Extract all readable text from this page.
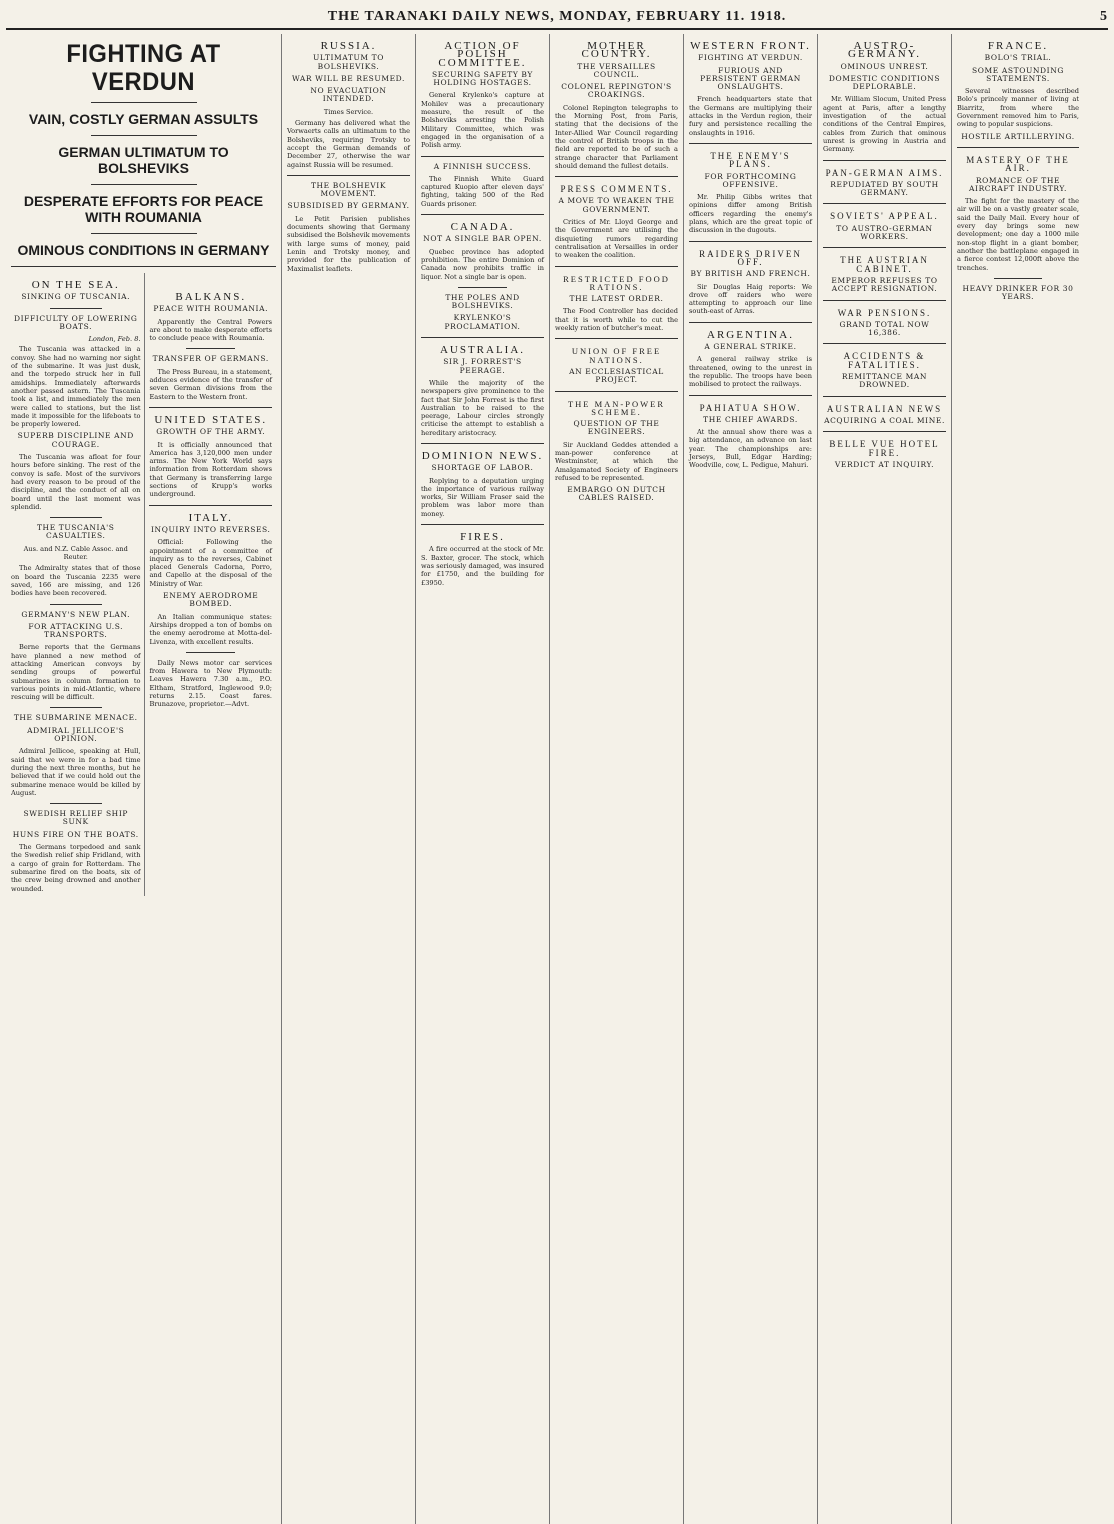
THE TARANAKI DAILY NEWS, MONDAY, FEBRUARY 11. 1918.	5
FIGHTING AT VERDUN
VAIN, COSTLY GERMAN ASSULTS
GERMAN ULTIMATUM TO BOLSHEVIKS
DESPERATE EFFORTS FOR PEACE WITH ROUMANIA
OMINOUS CONDITIONS IN GERMANY
ON THE SEA.
SINKING OF TUSCANIA.
DIFFICULTY OF LOWERING BOATS.
London, Feb. 8.

The Tuscania was attacked in a convoy. She had no warning nor sight of the submarine. It was just dusk, and the torpedo struck her in full amidships. Immediately afterwards another passed astern. The Tuscania took a list, and immediately the men were called to stations, but the list made it impossible for the lifeboats to be properly lowered.

SUPERB DISCIPLINE AND COURAGE.

The Tuscania was afloat for four hours before sinking. The rest of the convoy is safe. Most of the survivors had every reason to be proud of the discipline, and the conduct of all on board until the last moment was splendid.

THE TUSCANIA'S CASUALTIES.
Aus. and N.Z. Cable Assoc. and Reuter.

The Admiralty states that of those on board the Tuscania 2235 were saved, 166 are missing, and 126 bodies have been recovered.

GERMANY'S NEW PLAN.
FOR ATTACKING U.S. TRANSPORTS.

Berne reports that the Germans have planned a new method of attacking American convoys by sending groups of powerful submarines in column formation to various points in mid-Atlantic, where rescuing will be difficult.

THE SUBMARINE MENACE.
ADMIRAL JELLICOE'S OPINION.

Admiral Jellicoe, speaking at Hull, said that we were in for a bad time during the next three months, but he believed that if we could hold out the submarine menace would be killed by August.

SWEDISH RELIEF SHIP SUNK
HUNS FIRE ON THE BOATS.

The Germans torpedoed and sank the Swedish relief ship Fridland, with a cargo of grain for Rotterdam. The submarine fired on the boats, six of the crew being drowned and another wounded.

BALKANS.
PEACE WITH ROUMANIA.

Apparently the Central Powers are about to make desperate efforts to conclude peace with Roumania.

TRANSFER OF GERMANS.

The Press Bureau, in a statement, adduces evidence of the transfer of seven German divisions from the Eastern to the Western front.

UNITED STATES.
GROWTH OF THE ARMY.

It is officially announced that America has 3,120,000 men under arms. The New York World says information from Rotterdam shows that Germany is transferring large sections of Krupp's works underground.

ITALY.
INQUIRY INTO REVERSES.

Official: Following the appointment of a committee of inquiry as to the reverses, Cabinet placed Generals Cadorna, Porro, and Capello at the disposal of the Ministry of War.

ENEMY AERODROME BOMBED.

An Italian communique states: Airships dropped a ton of bombs on the enemy aerodrome at Motta-del-Livenza, with excellent results.

Daily News motor car services from Hawera to New Plymouth: Leaves Hawera 7.30 a.m., P.O. Eltham, Stratford, Inglewood 9.0; returns 2.15. Coast fares. Brunazove, proprietor.—Advt.

RUSSIA.
ULTIMATUM TO BOLSHEVIKS.
WAR WILL BE RESUMED.
NO EVACUATION INTENDED.
Times Service.

Germany has delivered what the Vorwaerts calls an ultimatum to the Bolsheviks, requiring Trotsky to accept the German demands of December 27, otherwise the war against Russia will be resumed.

THE BOLSHEVIK MOVEMENT.
SUBSIDISED BY GERMANY.

Le Petit Parisien publishes documents showing that Germany subsidised the Bolshevik movements with large sums of money, paid Lenin and Trotsky money, and provided for the publication of Maximalist leaflets.

ACTION OF POLISH COMMITTEE.
SECURING SAFETY BY HOLDING HOSTAGES.

General Krylenko's capture at Mohilev was a precautionary measure, the result of the Bolsheviks arresting the Polish Military Committee, which was engaged in the organisation of a Polish army.

A FINNISH SUCCESS.

The Finnish White Guard captured Kuopio after eleven days' fighting, taking 500 of the Red Guards prisoner.

CANADA.
NOT A SINGLE BAR OPEN.

Quebec province has adopted prohibition. The entire Dominion of Canada now prohibits traffic in liquor. Not a single bar is open.

THE POLES AND BOLSHEVIKS.
KRYLENKO'S PROCLAMATION.
AUSTRALIA.
SIR J. FORREST'S PEERAGE.

While the majority of the newspapers give prominence to the fact that Sir John Forrest is the first Australian to be raised to the peerage, Labour circles strongly criticise the attempt to establish a hereditary aristocracy.

DOMINION NEWS.
SHORTAGE OF LABOR.

Replying to a deputation urging the importance of various railway works, Sir William Fraser said the problem was labor more than money.

FIRES.

A fire occurred at the stock of Mr. S. Baxter, grocer. The stock, which was seriously damaged, was insured for £1750, and the building for £3950.

MOTHER COUNTRY.
THE VERSAILLES COUNCIL.
COLONEL REPINGTON'S CROAKINGS.

Colonel Repington telegraphs to the Morning Post, from Paris, stating that the decisions of the Inter-Allied War Council regarding the control of British troops in the field are reported to be of such a strange character that Parliament should demand the fullest details.

PRESS COMMENTS.
A MOVE TO WEAKEN THE GOVERNMENT.

Critics of Mr. Lloyd George and the Government are utilising the disquieting rumors regarding centralisation at Versailles in order to weaken the coalition.

RESTRICTED FOOD RATIONS.
THE LATEST ORDER.

The Food Controller has decided that it is worth while to cut the weekly ration of butcher's meat.

UNION OF FREE NATIONS.
AN ECCLESIASTICAL PROJECT.
THE MAN-POWER SCHEME.
QUESTION OF THE ENGINEERS.

Sir Auckland Geddes attended a man-power conference at Westminster, at which the Amalgamated Society of Engineers refused to be represented.

EMBARGO ON DUTCH CABLES RAISED.
WESTERN FRONT.
FIGHTING AT VERDUN.
FURIOUS AND PERSISTENT GERMAN ONSLAUGHTS.

French headquarters state that the Germans are multiplying their attacks in the Verdun region, their fury and persistence recalling the onslaughts in 1916.

THE ENEMY'S PLANS.
FOR FORTHCOMING OFFENSIVE.

Mr. Philip Gibbs writes that opinions differ among British officers regarding the enemy's plans, which are the great topic of discussion in the dugouts.

RAIDERS DRIVEN OFF.
BY BRITISH AND FRENCH.

Sir Douglas Haig reports: We drove off raiders who were attempting to approach our line south-east of Arras.

ARGENTINA.
A GENERAL STRIKE.

A general railway strike is threatened, owing to the unrest in the republic. The troops have been mobilised to protect the railways.

PAHIATUA SHOW.
THE CHIEF AWARDS.

At the annual show there was a big attendance, an advance on last year. The championships are: Jerseys, Bull, Edgar Harding; Woodville, cow, L. Pedigue, Mahuri.

AUSTRO-GERMANY.
OMINOUS UNREST.
DOMESTIC CONDITIONS DEPLORABLE.

Mr. William Slocum, United Press agent at Paris, after a lengthy investigation of the actual conditions of the Central Empires, cables from Zurich that ominous unrest is growing in Austria and Germany.

PAN-GERMAN AIMS.
REPUDIATED BY SOUTH GERMANY.
SOVIETS' APPEAL.
TO AUSTRO-GERMAN WORKERS.
THE AUSTRIAN CABINET.
EMPEROR REFUSES TO ACCEPT RESIGNATION.
WAR PENSIONS.
GRAND TOTAL NOW 16,386.
ACCIDENTS & FATALITIES.
REMITTANCE MAN DROWNED.
AUSTRALIAN NEWS
ACQUIRING A COAL MINE.
BELLE VUE HOTEL FIRE.
VERDICT AT INQUIRY.
FRANCE.
BOLO'S TRIAL.
SOME ASTOUNDING STATEMENTS.

Several witnesses described Bolo's princely manner of living at Biarritz, from where the Government removed him to Paris, owing to popular suspicions.

HOSTILE ARTILLERYING.
MASTERY OF THE AIR.
ROMANCE OF THE AIRCRAFT INDUSTRY.

The fight for the mastery of the air will be on a vastly greater scale, said the Daily Mail. Every hour of every day brings some new development; one day a 1000 mile non-stop flight in a giant bomber, another the battleplane engaged in a fierce contest 12,000ft above the trenches.

HEAVY DRINKER FOR 30 YEARS.
